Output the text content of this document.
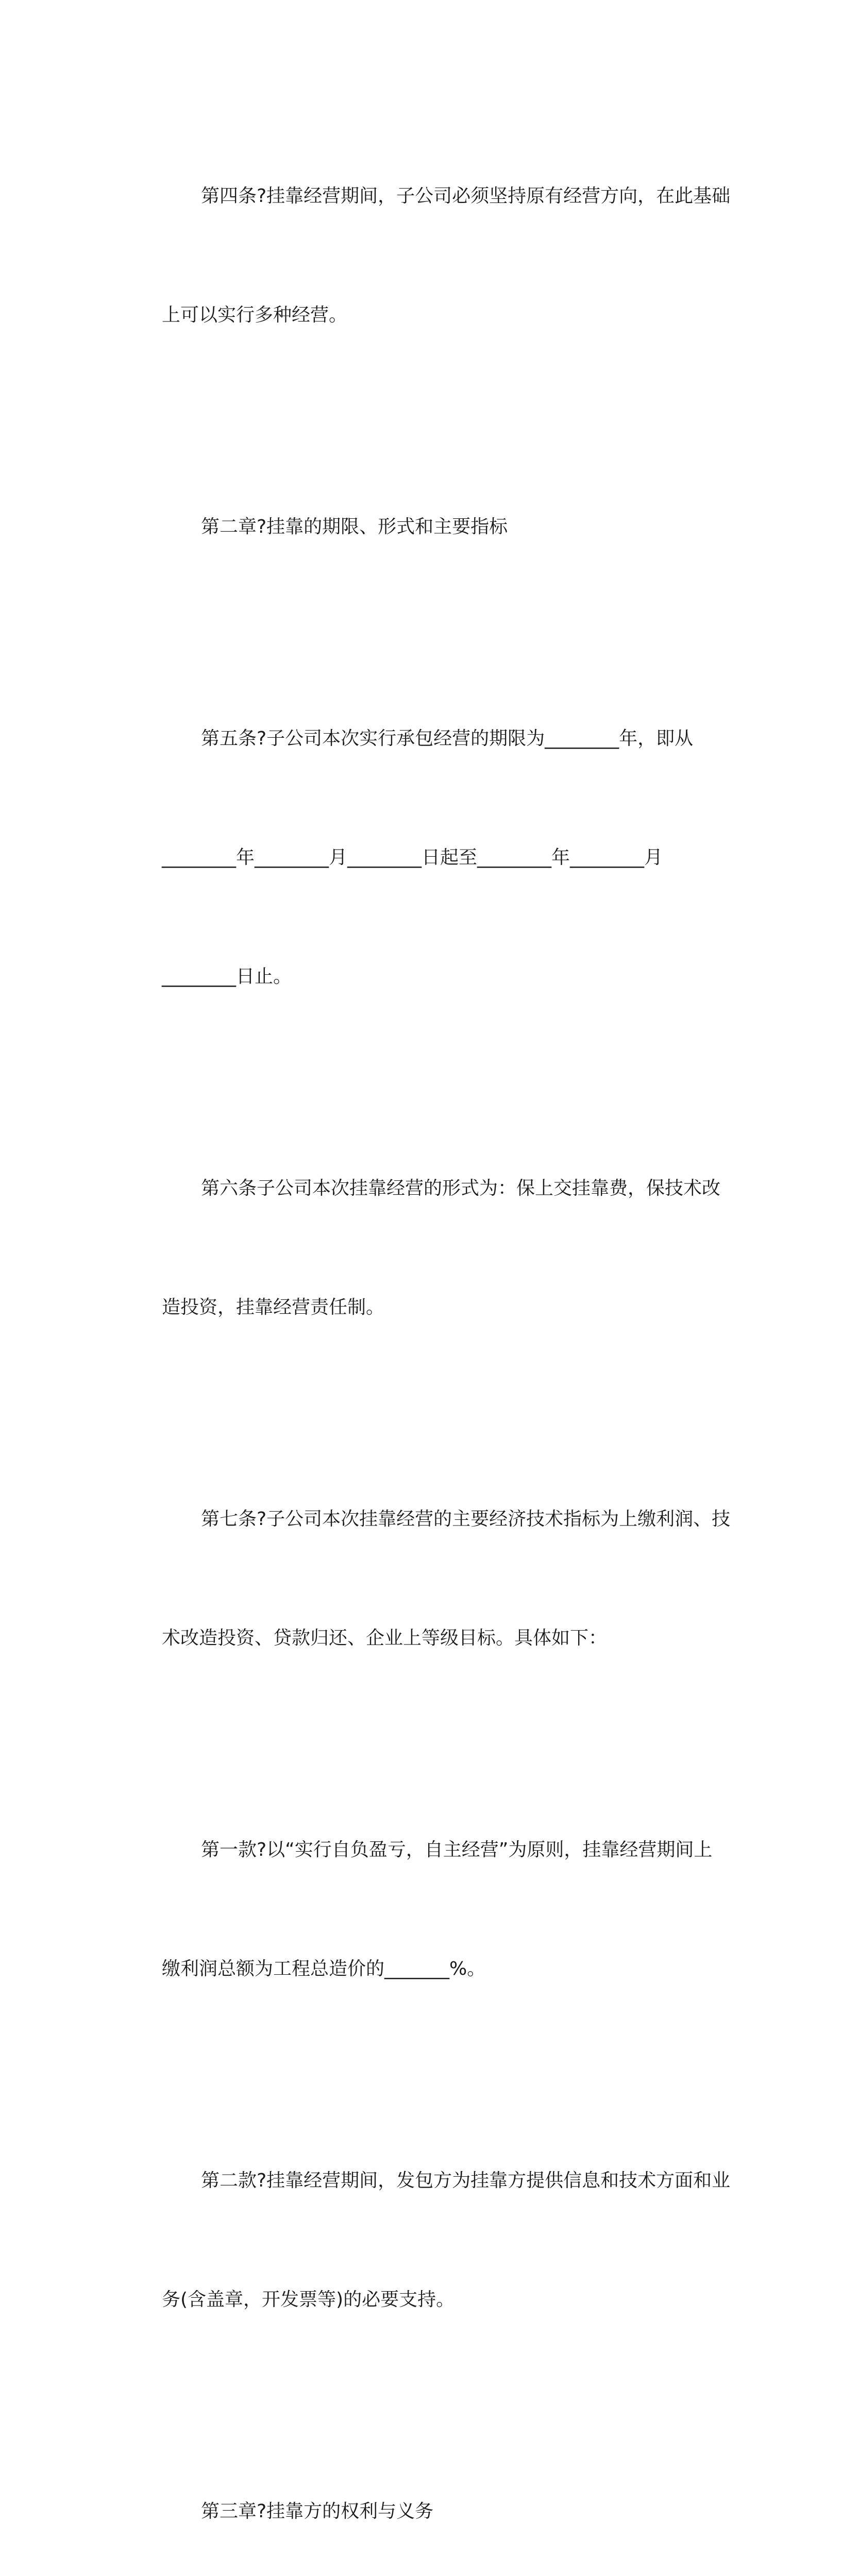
第四条?挂靠经营期间，子公司必须坚持原有经营方向，在此基础

上可以实行多种经营。

第二章?挂靠的期限、形式和主要指标

第五条?子公司本次实行承包经营的期限为________年，即从

________年________月________日起至________年________月

________日止。

第六条子公司本次挂靠经营的形式为：保上交挂靠费，保技术改

造投资，挂靠经营责任制。

第七条?子公司本次挂靠经营的主要经济技术指标为上缴利润、技

术改造投资、贷款归还、企业上等级目标。具体如下：

第一款?以“实行自负盈亏，自主经营”为原则，挂靠经营期间上

缴利润总额为工程总造价的_______%。

第二款?挂靠经营期间，发包方为挂靠方提供信息和技术方面和业

务(含盖章，开发票等)的必要支持。

第三章?挂靠方的权利与义务
